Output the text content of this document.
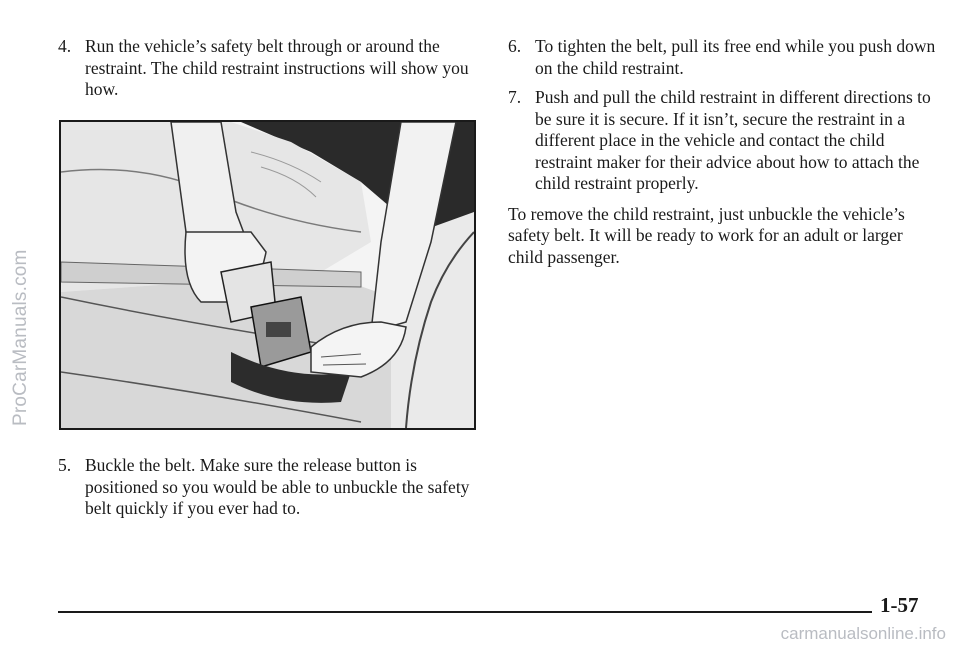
ProCarManuals.com
4. Run the vehicle’s safety belt through or around the restraint. The child restraint instructions will show you how.
5. Buckle the belt. Make sure the release button is positioned so you would be able to unbuckle the safety belt quickly if you ever had to.
6. To tighten the belt, pull its free end while you push down on the child restraint.
7. Push and pull the child restraint in different directions to be sure it is secure. If it isn’t, secure the restraint in a different place in the vehicle and contact the child restraint maker for their advice about how to attach the child restraint properly.

To remove the child restraint, just unbuckle the vehicle’s safety belt. It will be ready to work for an adult or larger child passenger.

1-57
carmanualsonline.info
